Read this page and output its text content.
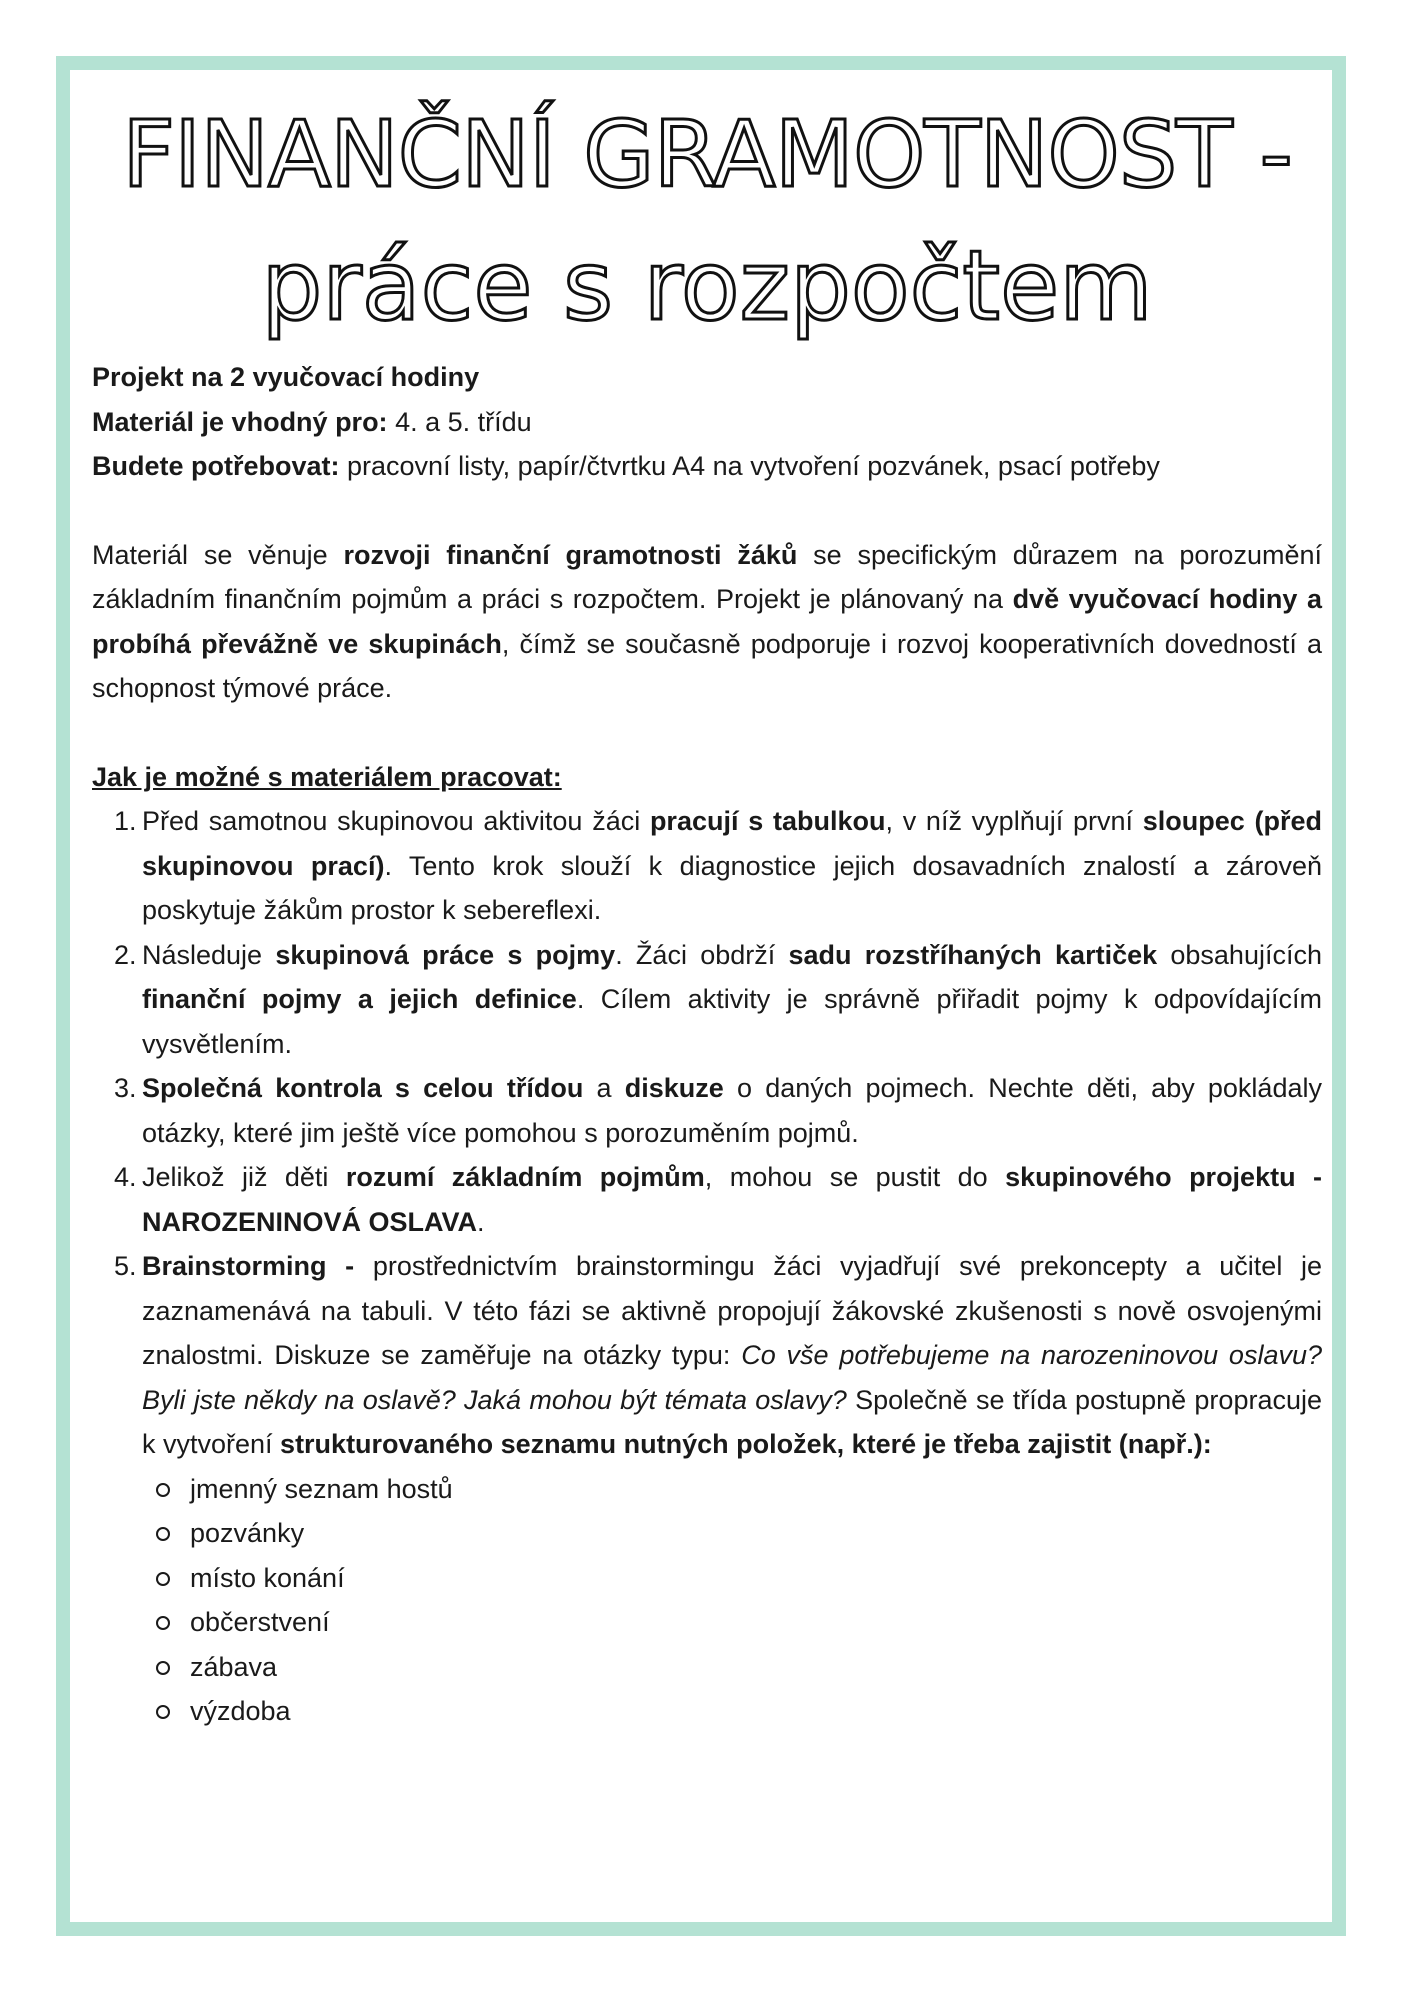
FINANČNÍ GRAMOTNOST -
práce s rozpočtem

Projekt na 2 vyučovací hodiny

Materiál je vhodný pro: 4. a 5. třídu

Budete potřebovat: pracovní listy, papír/čtvrtku A4 na vytvoření pozvánek, psací potřeby

Materiál se věnuje rozvoji finanční gramotnosti žáků se specifickým důrazem na porozumění základním finančním pojmům a práci s rozpočtem. Projekt je plánovaný na dvě vyučovací hodiny a probíhá převážně ve skupinách, čímž se současně podporuje i rozvoj kooperativních dovedností a schopnost týmové práce.

Jak je možné s materiálem pracovat:

1. Před samotnou skupinovou aktivitou žáci pracují s tabulkou, v níž vyplňují první sloupec (před skupinovou prací). Tento krok slouží k diagnostice jejich dosavadních znalostí a zároveň poskytuje žákům prostor k sebereflexi.
2. Následuje skupinová práce s pojmy. Žáci obdrží sadu rozstříhaných kartiček obsahujících finanční pojmy a jejich definice. Cílem aktivity je správně přiřadit pojmy k odpovídajícím vysvětlením.
3. Společná kontrola s celou třídou a diskuze o daných pojmech. Nechte děti, aby pokládaly otázky, které jim ještě více pomohou s porozuměním pojmů.
4. Jelikož již děti rozumí základním pojmům, mohou se pustit do skupinového projektu - NAROZENINOVÁ OSLAVA.
5. Brainstorming - prostřednictvím brainstormingu žáci vyjadřují své prekoncepty a učitel je zaznamenává na tabuli. V této fázi se aktivně propojují žákovské zkušenosti s nově osvojenými znalostmi. Diskuze se zaměřuje na otázky typu: Co vše potřebujeme na narozeninovou oslavu? Byli jste někdy na oslavě? Jaká mohou být témata oslavy? Společně se třída postupně propracuje k vytvoření strukturovaného seznamu nutných položek, které je třeba zajistit (např.):
jmenný seznam hostů
pozvánky
místo konání
občerstvení
zábava
výzdoba
